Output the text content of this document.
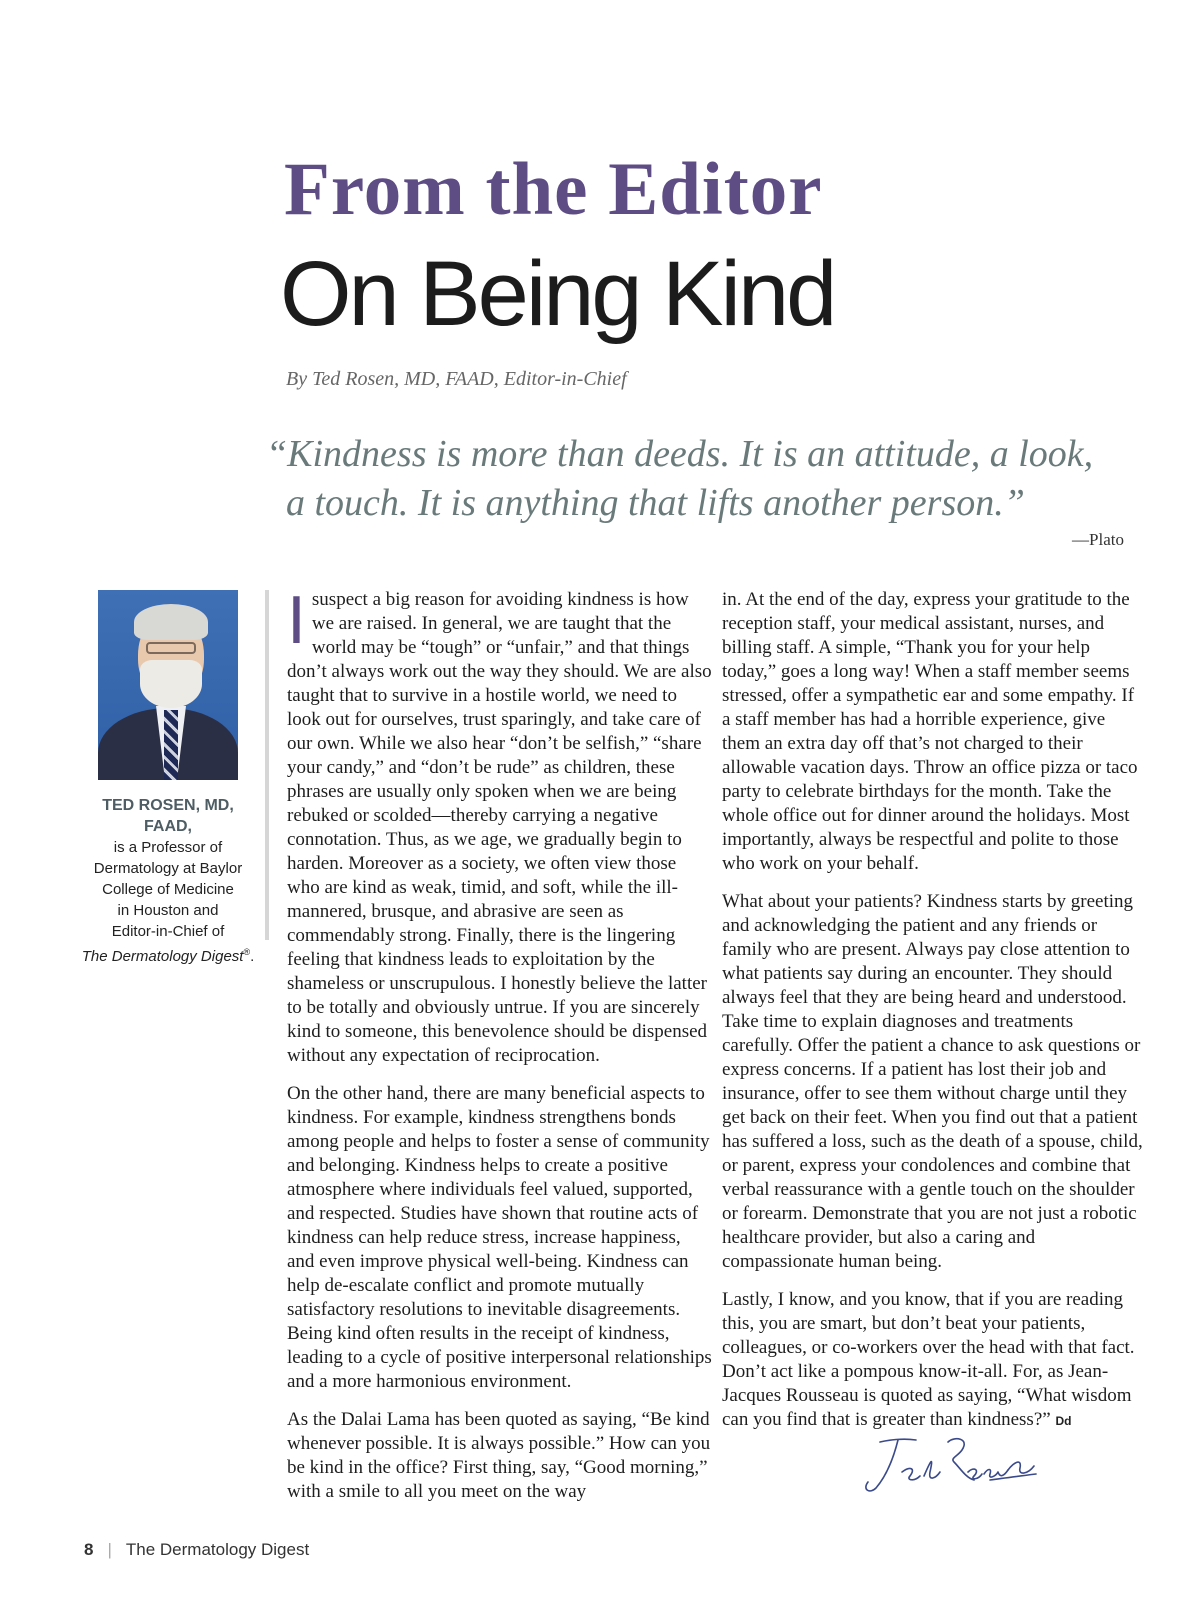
From the Editor
On Being Kind
By Ted Rosen, MD, FAAD, Editor-in-Chief
“Kindness is more than deeds. It is an attitude, a look,
a touch. It is anything that lifts another person.”
—Plato
TED ROSEN, MD, FAAD,
is a Professor of
Dermatology at Baylor
College of Medicine
in Houston and
Editor-in-Chief of
The Dermatology Digest®.

Isuspect a big reason for avoiding kindness is how we are raised. In general, we are taught that the world may be “tough” or “unfair,” and that things don’t always work out the way they should. We are also taught that to survive in a hostile world, we need to look out for ourselves, trust sparingly, and take care of our own. While we also hear “don’t be selfish,” “share your candy,” and “don’t be rude” as children, these phrases are usually only spoken when we are being rebuked or scolded—thereby carrying a negative connotation. Thus, as we age, we gradually begin to harden. Moreover as a society, we often view those who are kind as weak, timid, and soft, while the ill-mannered, brusque, and abrasive are seen as commendably strong. Finally, there is the lingering feeling that kindness leads to exploitation by the shameless or unscrupulous. I honestly believe the latter to be totally and obviously untrue. If you are sincerely kind to someone, this benevolence should be dispensed without any expectation of reciprocation.

On the other hand, there are many beneficial aspects to kindness. For example, kindness strengthens bonds among people and helps to foster a sense of community and belonging. Kindness helps to create a positive atmosphere where individuals feel valued, supported, and respected. Studies have shown that routine acts of kindness can help reduce stress, increase happiness, and even improve physical well-being. Kindness can help de-escalate conflict and promote mutually satisfactory resolutions to inevitable disagreements. Being kind often results in the receipt of kindness, leading to a cycle of positive interpersonal relationships and a more harmonious environment.

As the Dalai Lama has been quoted as saying, “Be kind whenever possible. It is always possible.” How can you be kind in the office? First thing, say, “Good morning,” with a smile to all you meet on the way

in. At the end of the day, express your gratitude to the reception staff, your medical assistant, nurses, and billing staff. A simple, “Thank you for your help today,” goes a long way! When a staff member seems stressed, offer a sympathetic ear and some empathy. If a staff member has had a horrible experience, give them an extra day off that’s not charged to their allowable vacation days. Throw an office pizza or taco party to celebrate birthdays for the month. Take the whole office out for dinner around the holidays. Most importantly, always be respectful and polite to those who work on your behalf.

What about your patients? Kindness starts by greeting and acknowledging the patient and any friends or family who are present. Always pay close attention to what patients say during an encounter. They should always feel that they are being heard and understood. Take time to explain diagnoses and treatments carefully. Offer the patient a chance to ask questions or express concerns. If a patient has lost their job and insurance, offer to see them without charge until they get back on their feet. When you find out that a patient has suffered a loss, such as the death of a spouse, child, or parent, express your condolences and combine that verbal reassurance with a gentle touch on the shoulder or forearm. Demonstrate that you are not just a robotic healthcare provider, but also a caring and compassionate human being.

Lastly, I know, and you know, that if you are reading this, you are smart, but don’t beat your patients, colleagues, or co-workers over the head with that fact. Don’t act like a pompous know-it-all. For, as Jean-Jacques Rousseau is quoted as saying, “What wisdom can you find that is greater than kindness?” Dd

8 | The Dermatology Digest
